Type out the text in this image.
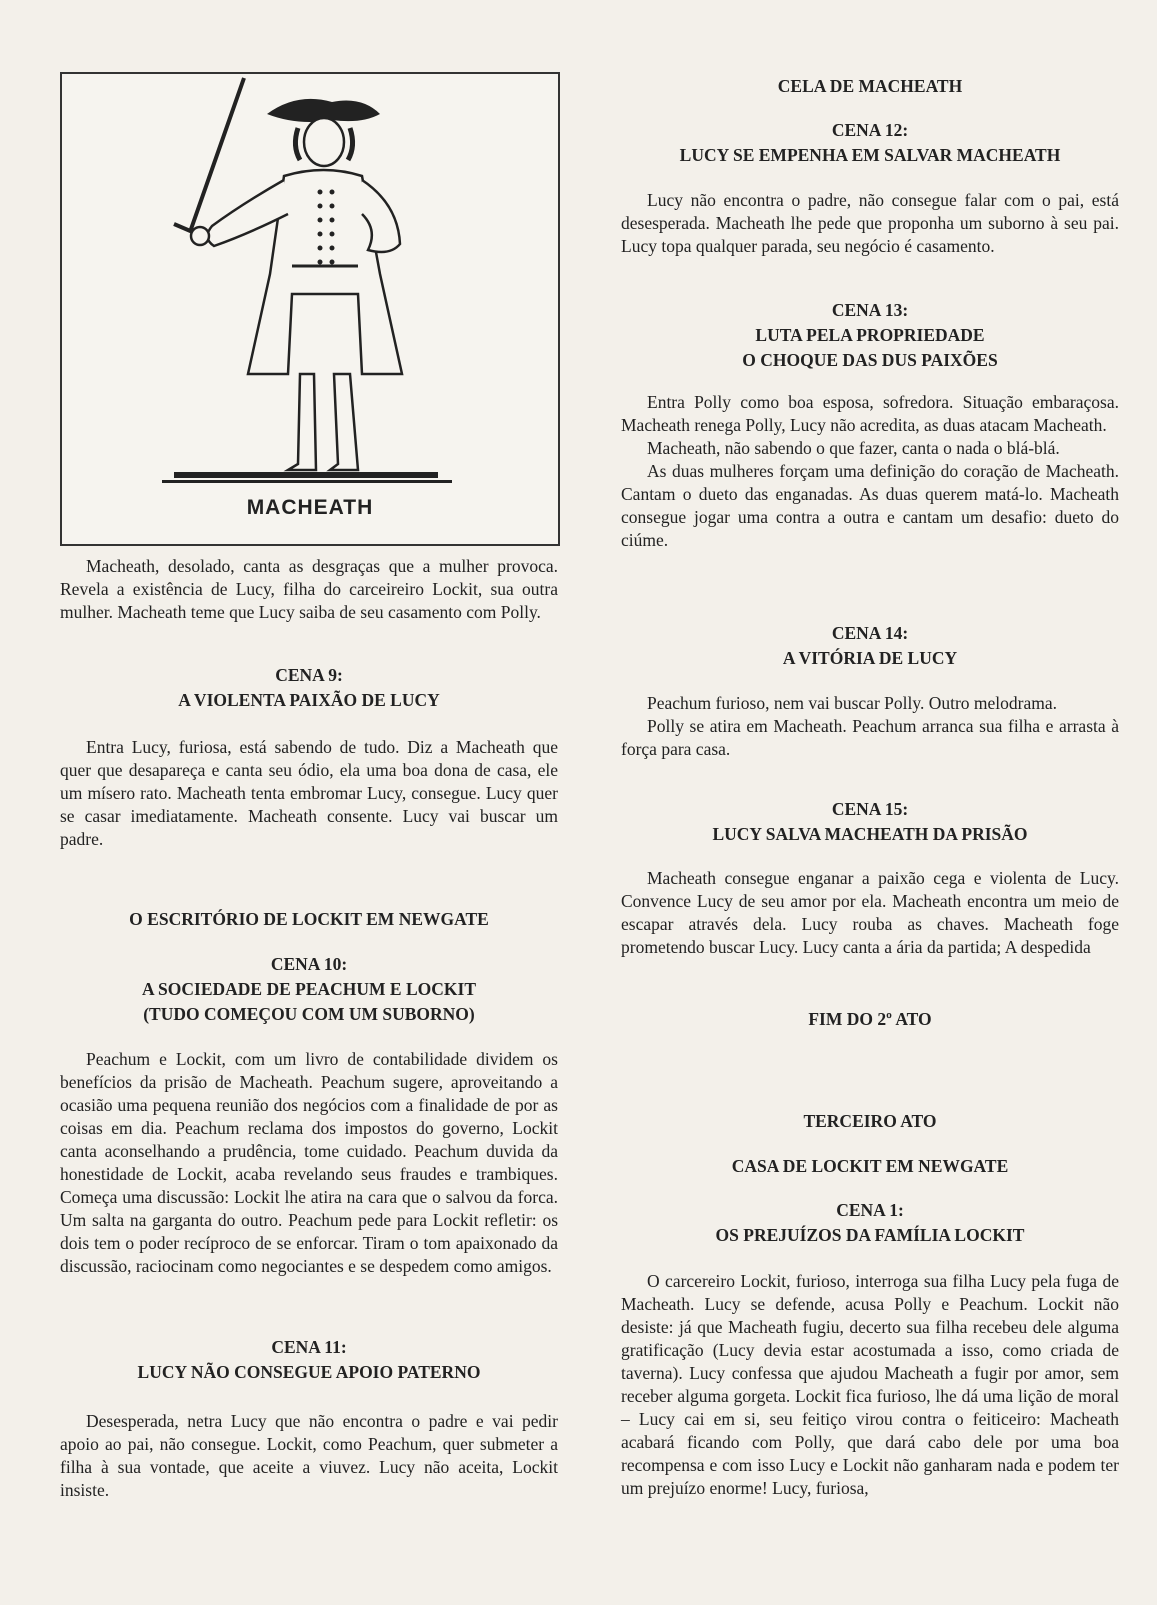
MACHEATH

Macheath, desolado, canta as desgraças que a mulher provoca. Revela a existência de Lucy, filha do carceireiro Lockit, sua outra mulher. Macheath teme que Lucy saiba de seu casamento com Polly.

CENA 9:
A VIOLENTA PAIXÃO DE LUCY

Entra Lucy, furiosa, está sabendo de tudo. Diz a Macheath que quer que desapareça e canta seu ódio, ela uma boa dona de casa, ele um mísero rato. Macheath tenta embromar Lucy, consegue. Lucy quer se casar imediatamente. Macheath consente. Lucy vai buscar um padre.

O ESCRITÓRIO DE LOCKIT EM NEWGATE
CENA 10:
A SOCIEDADE DE PEACHUM E LOCKIT
(TUDO COMEÇOU COM UM SUBORNO)

Peachum e Lockit, com um livro de contabilidade dividem os benefícios da prisão de Macheath. Peachum sugere, aproveitando a ocasião uma pequena reunião dos negócios com a finalidade de por as coisas em dia. Peachum reclama dos impostos do governo, Lockit canta aconselhando a prudência, tome cuidado. Peachum duvida da honestidade de Lockit, acaba revelando seus fraudes e trambiques. Começa uma discussão: Lockit lhe atira na cara que o salvou da forca. Um salta na garganta do outro. Peachum pede para Lockit refletir: os dois tem o poder recíproco de se enforcar. Tiram o tom apaixonado da discussão, raciocinam como negociantes e se despedem como amigos.

CENA 11:
LUCY NÃO CONSEGUE APOIO PATERNO

Desesperada, netra Lucy que não encontra o padre e vai pedir apoio ao pai, não consegue. Lockit, como Peachum, quer submeter a filha à sua vontade, que aceite a viuvez. Lucy não aceita, Lockit insiste.

CELA DE MACHEATH
CENA 12:
LUCY SE EMPENHA EM SALVAR MACHEATH

Lucy não encontra o padre, não consegue falar com o pai, está desesperada. Macheath lhe pede que proponha um suborno à seu pai. Lucy topa qualquer parada, seu negócio é casamento.

CENA 13:
LUTA PELA PROPRIEDADE
O CHOQUE DAS DUS PAIXÕES

Entra Polly como boa esposa, sofredora. Situação embaraçosa. Macheath renega Polly, Lucy não acredita, as duas atacam Macheath.

Macheath, não sabendo o que fazer, canta o nada o blá-blá.

As duas mulheres forçam uma definição do coração de Macheath. Cantam o dueto das enganadas. As duas querem matá-lo. Macheath consegue jogar uma contra a outra e cantam um desafio: dueto do ciúme.

CENA 14:
A VITÓRIA DE LUCY

Peachum furioso, nem vai buscar Polly. Outro melodrama.

Polly se atira em Macheath. Peachum arranca sua filha e arrasta à força para casa.

CENA 15:
LUCY SALVA MACHEATH DA PRISÃO

Macheath consegue enganar a paixão cega e violenta de Lucy. Convence Lucy de seu amor por ela. Macheath encontra um meio de escapar através dela. Lucy rouba as chaves. Macheath foge prometendo buscar Lucy. Lucy canta a ária da partida; A despedida

FIM DO 2º ATO
TERCEIRO ATO
CASA DE LOCKIT EM NEWGATE
CENA 1:
OS PREJUÍZOS DA FAMÍLIA LOCKIT

O carcereiro Lockit, furioso, interroga sua filha Lucy pela fuga de Macheath. Lucy se defende, acusa Polly e Peachum. Lockit não desiste: já que Macheath fugiu, decerto sua filha recebeu dele alguma gratificação (Lucy devia estar acostumada a isso, como criada de taverna). Lucy confessa que ajudou Macheath a fugir por amor, sem receber alguma gorgeta. Lockit fica furioso, lhe dá uma lição de moral – Lucy cai em si, seu feitiço virou contra o feiticeiro: Macheath acabará ficando com Polly, que dará cabo dele por uma boa recompensa e com isso Lucy e Lockit não ganharam nada e podem ter um prejuízo enorme! Lucy, furiosa,
